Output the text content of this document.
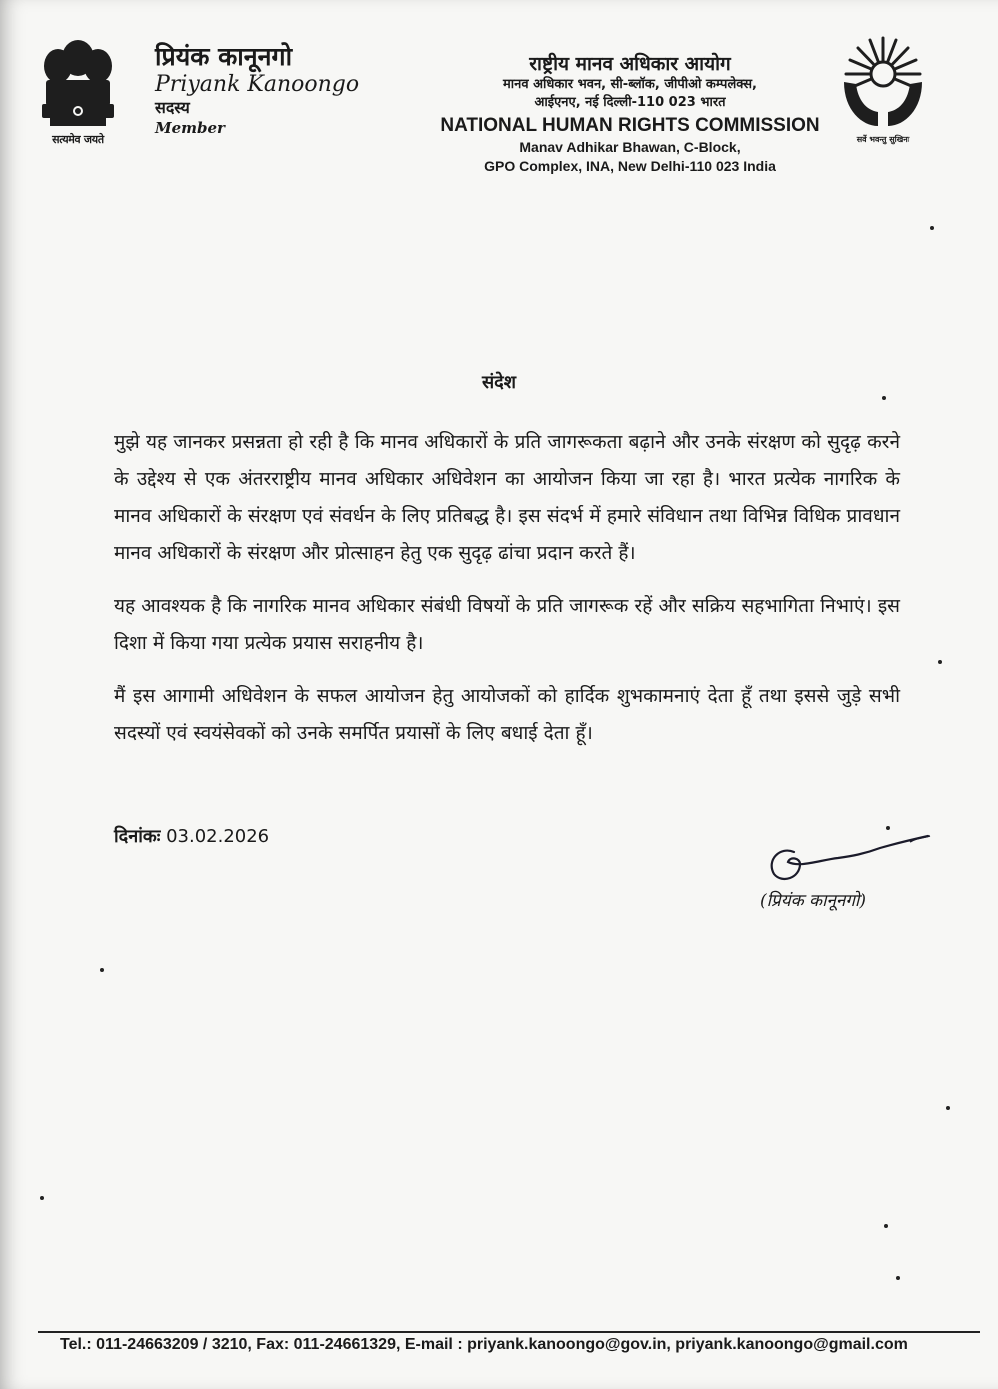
सत्यमेव जयते
प्रियंक कानूनगो
Priyank Kanoongo
सदस्य
Member
राष्ट्रीय मानव अधिकार आयोग
मानव अधिकार भवन, सी-ब्लॉक, जीपीओ कम्पलेक्स,
आईएनए, नई दिल्ली-110 023 भारत
NATIONAL HUMAN RIGHTS COMMISSION
Manav Adhikar Bhawan, C-Block,
GPO Complex, INA, New Delhi-110 023 India
सर्वे भवन्तु सुखिनः
संदेश

मुझे यह जानकर प्रसन्नता हो रही है कि मानव अधिकारों के प्रति जागरूकता बढ़ाने और उनके संरक्षण को सुदृढ़ करने के उद्देश्य से एक अंतरराष्ट्रीय मानव अधिकार अधिवेशन का आयोजन किया जा रहा है। भारत प्रत्येक नागरिक के मानव अधिकारों के संरक्षण एवं संवर्धन के लिए प्रतिबद्ध है। इस संदर्भ में हमारे संविधान तथा विभिन्न विधिक प्रावधान मानव अधिकारों के संरक्षण और प्रोत्साहन हेतु एक सुदृढ़ ढांचा प्रदान करते हैं।

यह आवश्यक है कि नागरिक मानव अधिकार संबंधी विषयों के प्रति जागरूक रहें और सक्रिय सहभागिता निभाएं। इस दिशा में किया गया प्रत्येक प्रयास सराहनीय है।

मैं इस आगामी अधिवेशन के सफल आयोजन हेतु आयोजकों को हार्दिक शुभकामनाएं देता हूँ तथा इससे जुड़े सभी सदस्यों एवं स्वयंसेवकों को उनके समर्पित प्रयासों के लिए बधाई देता हूँ।

दिनांकः 03.02.2026
(प्रियंक कानूनगो)
Tel.: 011-24663209 / 3210, Fax: 011-24661329, E-mail : priyank.kanoongo@gov.in, priyank.kanoongo@gmail.com
